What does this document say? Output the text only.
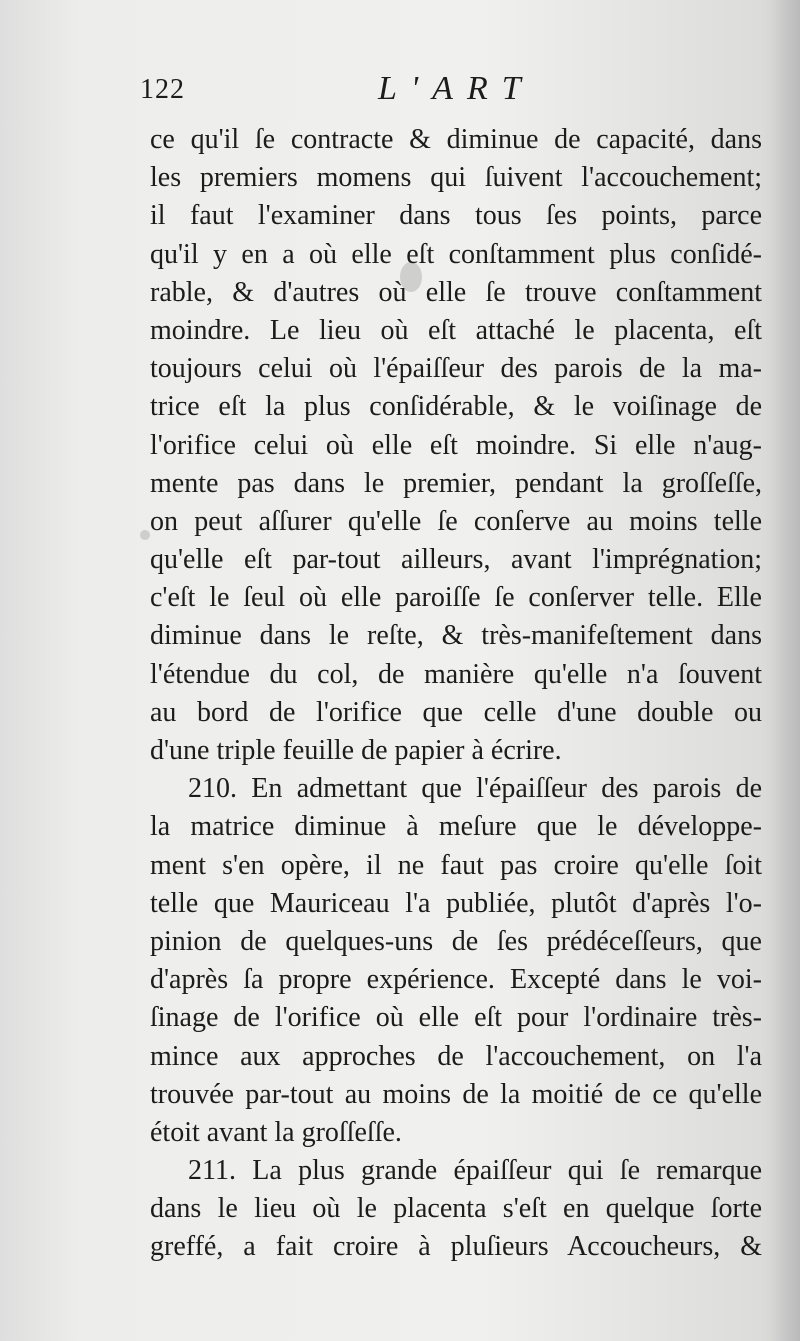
122	L'ART
ce qu'il ſe contracte & diminue de capacité, dans
les premiers momens qui ſuivent l'accouchement;
il faut l'examiner dans tous ſes points, parce
qu'il y en a où elle eſt conſtamment plus conſidé-
rable, & d'autres où elle ſe trouve conſtamment
moindre. Le lieu où eſt attaché le placenta, eſt
toujours celui où l'épaiſſeur des parois de la ma-
trice eſt la plus conſidérable, & le voiſinage de
l'orifice celui où elle eſt moindre. Si elle n'aug-
mente pas dans le premier, pendant la groſſeſſe,
on peut aſſurer qu'elle ſe conſerve au moins telle
qu'elle eſt par-tout ailleurs, avant l'imprégnation;
c'eſt le ſeul où elle paroiſſe ſe conſerver telle. Elle
diminue dans le reſte, & très-manifeſtement dans
l'étendue du col, de manière qu'elle n'a ſouvent
au bord de l'orifice que celle d'une double ou
d'une triple feuille de papier à écrire.
210. En admettant que l'épaiſſeur des parois de
la matrice diminue à meſure que le développe-
ment s'en opère, il ne faut pas croire qu'elle ſoit
telle que Mauriceau l'a publiée, plutôt d'après l'o-
pinion de quelques-uns de ſes prédéceſſeurs, que
d'après ſa propre expérience. Excepté dans le voi-
ſinage de l'orifice où elle eſt pour l'ordinaire très-
mince aux approches de l'accouchement, on l'a
trouvée par-tout au moins de la moitié de ce qu'elle
étoit avant la groſſeſſe.
211. La plus grande épaiſſeur qui ſe remarque
dans le lieu où le placenta s'eſt en quelque ſorte
greffé, a fait croire à pluſieurs Accoucheurs, &
